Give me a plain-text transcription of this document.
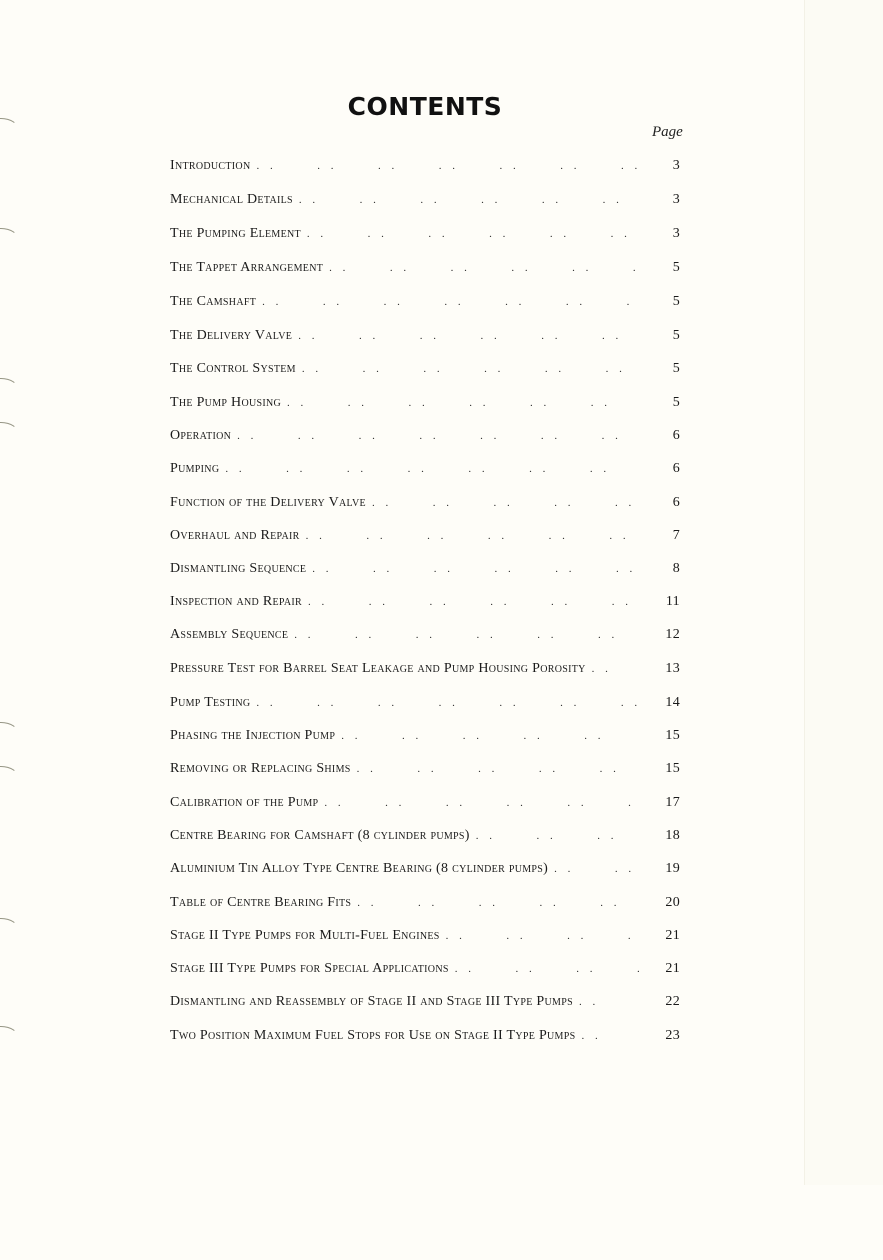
CONTENTS
Page
Introduction . .	3
Mechanical Details . .	3
The Pumping Element . .	3
The Tappet Arrangement . .	5
The Camshaft . .	5
The Delivery Valve . .	5
The Control System . .	5
The Pump Housing . .	5
Operation . .	6
Pumping . .	6
Function of the Delivery Valve . .	6
Overhaul and Repair . .	7
Dismantling Sequence . .	8
Inspection and Repair . .	11
Assembly Sequence . .	12
Pressure Test for Barrel Seat Leakage and Pump Housing Porosity . .	13
Pump Testing . .	14
Phasing the Injection Pump . .	15
Removing or Replacing Shims . .	15
Calibration of the Pump . .	17
Centre Bearing for Camshaft (8 cylinder pumps) . .	18
Aluminium Tin Alloy Type Centre Bearing (8 cylinder pumps) . .	19
Table of Centre Bearing Fits . .	20
Stage II Type Pumps for Multi-Fuel Engines . .	21
Stage III Type Pumps for Special Applications . .	21
Dismantling and Reassembly of Stage II and Stage III Type Pumps . .	22
Two Position Maximum Fuel Stops for Use on Stage II Type Pumps . .	23
